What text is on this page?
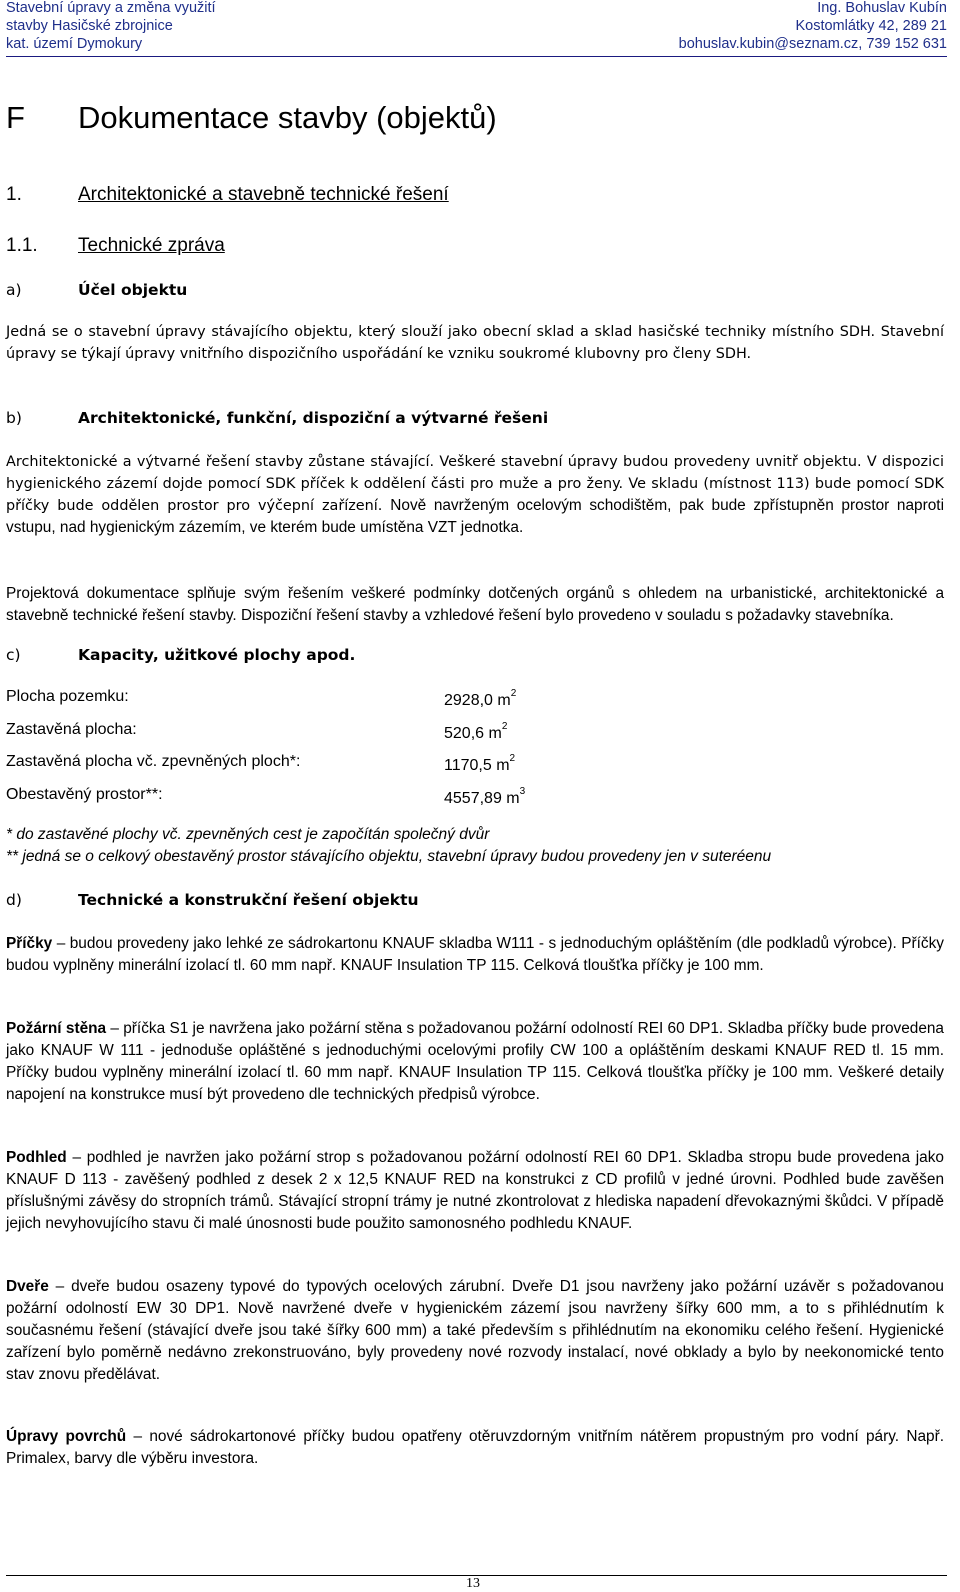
Stavební úpravy a změna využití
stavby Hasičské zbrojnice
kat. území Dymokury
Ing. Bohuslav Kubín
Kostomlátky 42, 289 21
bohuslav.kubin@seznam.cz, 739 152 631
F Dokumentace stavby (objektů)
1.	Architektonické a stavebně technické řešení
1.1. Technické zpráva
a)	Účel objektu
Jedná se o stavební úpravy stávajícího objektu, který slouží jako obecní sklad a sklad hasičské techniky místního SDH. Stavební úpravy se týkají úpravy vnitřního dispozičního uspořádání ke vzniku soukromé klubovny pro členy SDH.
b)	Architektonické, funkční, dispoziční a výtvarné řešeni
Architektonické a výtvarné řešení stavby zůstane stávající. Veškeré stavební úpravy budou provedeny uvnitř objektu. V dispozici hygienického zázemí dojde pomocí SDK příček k oddělení části pro muže a pro ženy. Ve skladu (místnost 113) bude pomocí SDK příčky bude oddělen prostor pro výčepní zařízení. Nově navrženým ocelovým schodištěm, pak bude zpřístupněn prostor naproti vstupu, nad hygienickým zázemím, ve kterém bude umístěna VZT jednotka.
Projektová dokumentace splňuje svým řešením veškeré podmínky dotčených orgánů s ohledem na urbanistické, architektonické a stavebně technické řešení stavby. Dispoziční řešení stavby a vzhledové řešení bylo provedeno v souladu s požadavky stavebníka.
c)	Kapacity, užitkové plochy apod.
Plocha pozemku:	2928,0 $m^2$
Zastavěná plocha:	520,6 $m^2$
Zastavěná plocha vč. zpevněných ploch*:	1170,5 $m^2$
Obestavěný prostor**:	4557,89 $m^3$
* do zastavěné plochy vč. zpevněných cest je započítán společný dvůr
** jedná se o celkový obestavěný prostor stávajícího objektu, stavební úpravy budou provedeny jen v suteréenu
d)	Technické a konstrukční řešení objektu
Příčky – budou provedeny jako lehké ze sádrokartonu KNAUF skladba W111 - s jednoduchým opláštěním (dle podkladů výrobce). Příčky budou vyplněny minerální izolací tl. 60 mm např. KNAUF Insulation TP 115. Celková tloušťka příčky je 100 mm.
Požární stěna – příčka S1 je navržena jako požární stěna s požadovanou požární odolností REI 60 DP1. Skladba příčky bude provedena jako KNAUF W 111 - jednoduše opláštěné s jednoduchými ocelovými profily CW 100 a opláštěním deskami KNAUF RED tl. 15 mm. Příčky budou vyplněny minerální izolací tl. 60 mm např. KNAUF Insulation TP 115. Celková tloušťka příčky je 100 mm. Veškeré detaily napojení na konstrukce musí být provedeno dle technických předpisů výrobce.
Podhled – podhled je navržen jako požární strop s požadovanou požární odolností REI 60 DP1. Skladba stropu bude provedena jako KNAUF D 113 - zavěšený podhled z desek 2 x 12,5 KNAUF RED na konstrukci z CD profilů v jedné úrovni. Podhled bude zavěšen příslušnými závěsy do stropních trámů. Stávající stropní trámy je nutné zkontrolovat z hlediska napadení dřevokaznými škůdci. V případě jejich nevyhovujícího stavu či malé únosnosti bude použito samonosného podhledu KNAUF.
Dveře – dveře budou osazeny typové do typových ocelových zárubní. Dveře D1 jsou navrženy jako požární uzávěr s požadovanou požární odolností EW 30 DP1. Nově navržené dveře v hygienickém zázemí jsou navrženy šířky 600 mm, a to s přihlédnutím k současnému řešení (stávající dveře jsou také šířky 600 mm) a také především s přihlédnutím na ekonomiku celého řešení. Hygienické zařízení bylo poměrně nedávno zrekonstruováno, byly provedeny nové rozvody instalací, nové obklady a bylo by neekonomické tento stav znovu předělávat.
Úpravy povrchů – nové sádrokartonové příčky budou opatřeny otěruvzdorným vnitřním nátěrem propustným pro vodní páry. Např. Primalex, barvy dle výběru investora.
13
